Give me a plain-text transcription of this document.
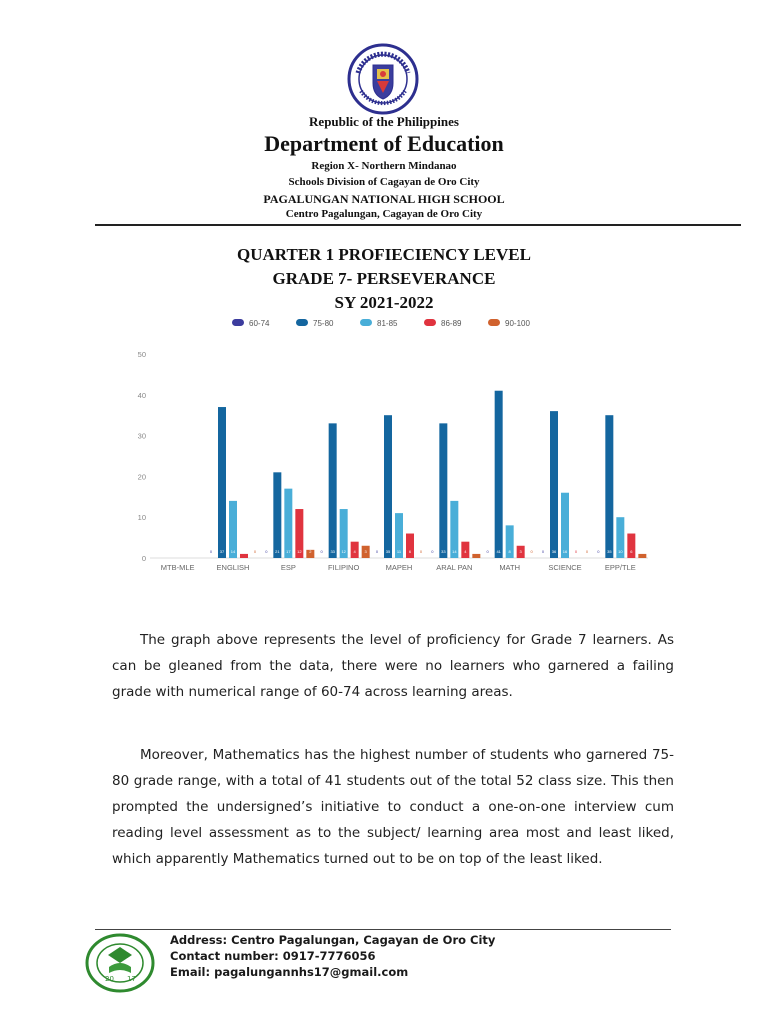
Republic of the Philippines
Department of Education
Region X- Northern Mindanao
Schools Division of Cagayan de Oro City
PAGALUNGAN NATIONAL HIGH SCHOOL
Centro Pagalungan, Cagayan de Oro City
QUARTER 1 PROFIECIENCY LEVEL
GRADE 7- PERSEVERANCE
SY 2021-2022
60-74	75-80	81-85	86-89	90-100
0
10
20
30
40
50
MTB-MLE
0 37 14 1 0
ENGLISH
0 21 17 12 2
ESP
0 33 12 4 3
FILIPINO
0 35 11 6 0
MAPEH
0 33 14 4 1
ARAL PAN
0 41 8 3 0
MATH
0 36 16 0 0
SCIENCE
0 35 10 6 1
EPP/TLE

The graph above represents the level of proficiency for Grade 7 learners. As can be gleaned from the data, there were no learners who garnered a failing grade with numerical range of 60-74 across learning areas.

Moreover, Mathematics has the highest number of students who garnered 75-80 grade range, with a total of 41 students out of the total 52 class size. This then prompted the undersigned’s initiative to conduct a one-on-one interview cum reading level assessment as to the subject/ learning area most and least liked, which apparently Mathematics turned out to be on top of the least liked.

20 17
Address: Centro Pagalungan, Cagayan de Oro City
Contact number: 0917-7776056
Email: pagalungannhs17@gmail.com
